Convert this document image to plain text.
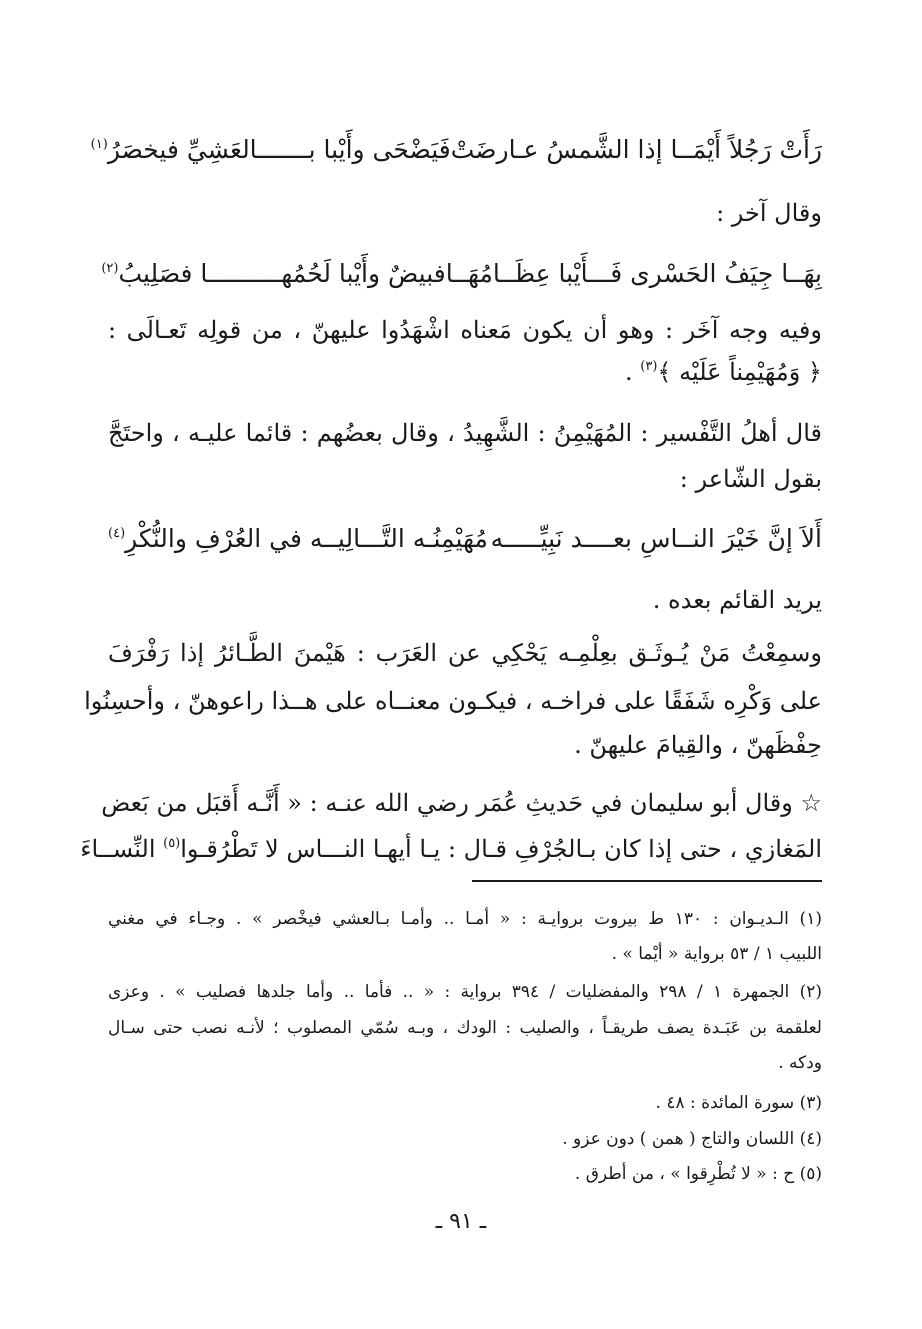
رَأَتْ رَجُلاً أَيْمَــا إذا الشَّمسُ عـارضَتْ
فَيَضْحَى وأَيْبا بـــــــالعَشِيِّ فيخصَرُ$^{(١)}$
وقال آخر :
بِهَــا جِيَفُ الحَسْرى فَـــأَيْبا عِظَــامُهَــا
فبيضٌ وأَيْبا لَحُمُهــــــــــا فصَلِيبُ$^{(٢)}$
وفيه وجه آخَر : وهو أن يكون مَعناه اشْهَدُوا عليهنّ ، من قولِه تَعـالَى :
﴿ وَمُهَيْمِناً عَلَيْه ﴾$^{(٣)}$ .
قال أهلُ التَّفْسير : المُهَيْمِنُ : الشَّهِيدُ ، وقال بعضُهم : قائما عليـه ، واحتَجَّ
بقول الشّاعر :
أَلاَ إنَّ خَيْرَ النــاسِ بعــــد نَبِيِّـــــه
مُهَيْمِنُـه التَّـــالِيــه في العُرْفِ والنُّكْرِ$^{(٤)}$
يريد القائم بعده .
وسمِعْتُ مَنْ يُـوثَـق بعِلْمِـه يَحْكِي عن العَرَب : هَيْمنَ الطَّـائرُ إذا رَفْرَفَ
على وَكْرِه شَفَقًا على فراخـه ، فيكـون معنــاه على هــذا راعوهنّ ، وأحسِنُوا
حِفْظَهنّ ، والقِيامَ عليهنّ .
☆ وقال أبو سليمان في حَديثِ عُمَر رضي الله عنـه : « أَنَّـه أَقبَل من بَعض
المَغازي ، حتى إذا كان بـالجُرْفِ قـال : يـا أيهـا النـــاس لا تَطْرُقـوا$^{(٥)}$ النِّســاءَ
(١) الـديـوان : ١٣٠ ط بيروت بروايـة : « أمـا .. وأمـا بـالعشي فيخْصر » . وجـاء في مغني
اللبيب ١ / ٥٣ برواية « أيْما » .
(٢) الجمهرة ١ / ٢٩٨ والمفضليات / ٣٩٤ برواية : « .. فأما .. وأما جلدها فصليب » . وعزى
لعلقمة بن عَبَـدة يصف طريقـاً ، والصليب : الودك ، وبـه سُمّي المصلوب ؛ لأنـه نصب حتى سـال
ودكه .
(٣) سورة المائدة : ٤٨ .
(٤) اللسان والتاج ( همن ) دون عزو .
(٥) ح : « لا تُطْرِقوا » ، من أطرق .
ـ ٩١ ـ
